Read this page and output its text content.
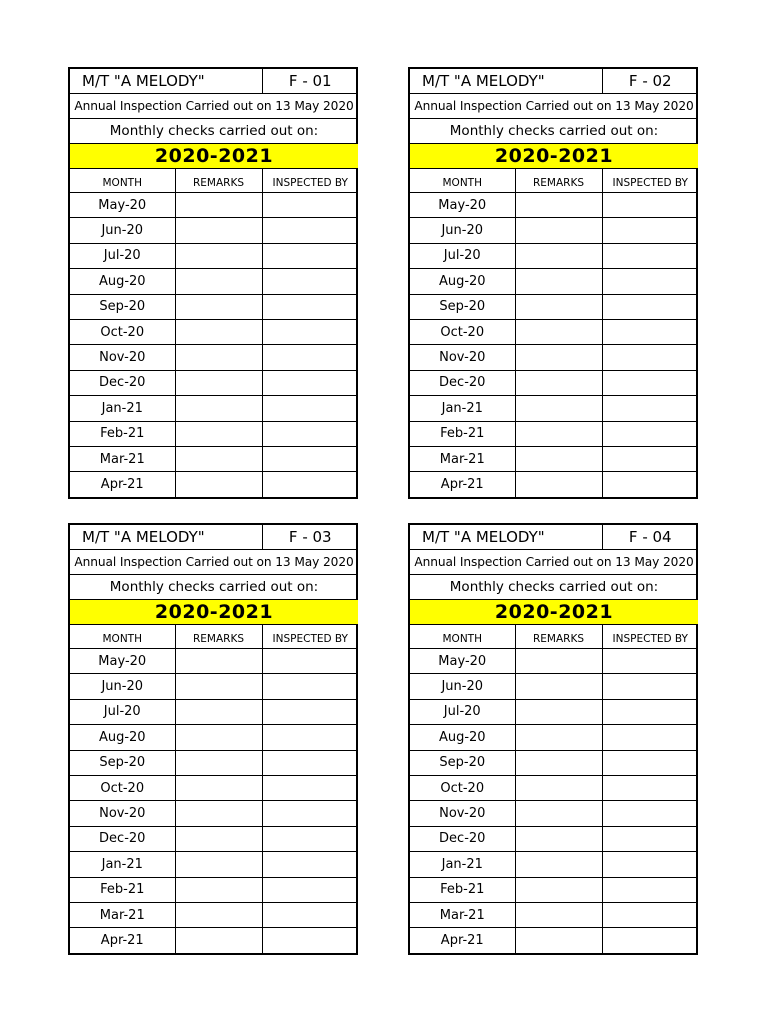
M/T "A MELODY"		F - 01
Annual Inspection Carried out on 13 May 2020		
Monthly checks carried out on:		
2020-2021		
MONTH	REMARKS	INSPECTED BY
May-20		
Jun-20		
Jul-20		
Aug-20		
Sep-20		
Oct-20		
Nov-20		
Dec-20		
Jan-21		
Feb-21		
Mar-21		
Apr-21		
M/T "A MELODY"		F - 02
Annual Inspection Carried out on 13 May 2020		
Monthly checks carried out on:		
2020-2021		
MONTH	REMARKS	INSPECTED BY
May-20		
Jun-20		
Jul-20		
Aug-20		
Sep-20		
Oct-20		
Nov-20		
Dec-20		
Jan-21		
Feb-21		
Mar-21		
Apr-21		
M/T "A MELODY"		F - 03
Annual Inspection Carried out on 13 May 2020		
Monthly checks carried out on:		
2020-2021		
MONTH	REMARKS	INSPECTED BY
May-20		
Jun-20		
Jul-20		
Aug-20		
Sep-20		
Oct-20		
Nov-20		
Dec-20		
Jan-21		
Feb-21		
Mar-21		
Apr-21		
M/T "A MELODY"		F - 04
Annual Inspection Carried out on 13 May 2020		
Monthly checks carried out on:		
2020-2021		
MONTH	REMARKS	INSPECTED BY
May-20		
Jun-20		
Jul-20		
Aug-20		
Sep-20		
Oct-20		
Nov-20		
Dec-20		
Jan-21		
Feb-21		
Mar-21		
Apr-21		
